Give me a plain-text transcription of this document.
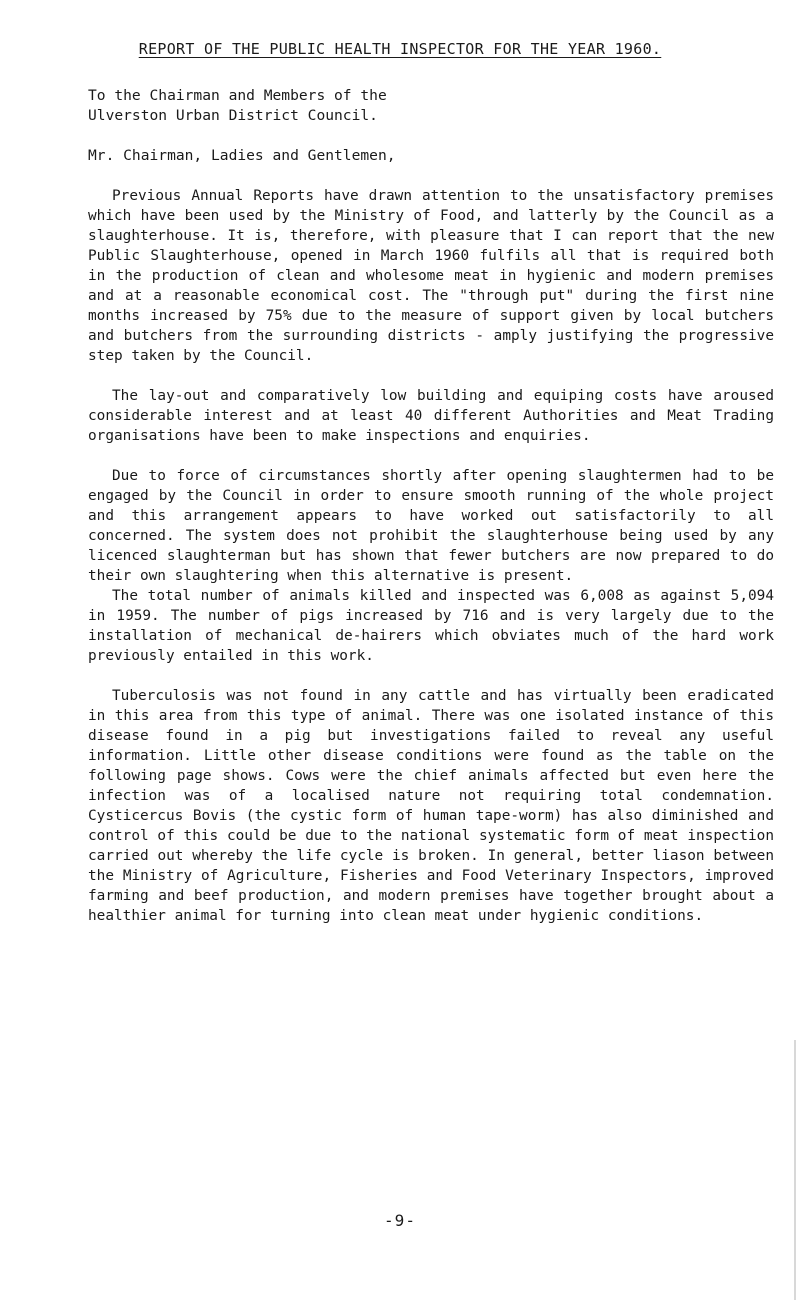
REPORT OF THE PUBLIC HEALTH INSPECTOR FOR THE YEAR 1960.

To the Chairman and Members of the

Ulverston Urban District Council.

Mr. Chairman, Ladies and Gentlemen,

Previous Annual Reports have drawn attention to the unsatisfactory premises which have been used by the Ministry of Food, and latterly by the Council as a slaughterhouse. It is, therefore, with pleasure that I can report that the new Public Slaughterhouse, opened in March 1960 fulfils all that is required both in the production of clean and wholesome meat in hygienic and modern premises and at a reasonable economical cost. The "through put" during the first nine months increased by 75% due to the measure of support given by local butchers and butchers from the surrounding districts - amply justifying the progressive step taken by the Council.

The lay-out and comparatively low building and equiping costs have aroused considerable interest and at least 40 different Authorities and Meat Trading organisations have been to make inspections and enquiries.

Due to force of circumstances shortly after opening slaughtermen had to be engaged by the Council in order to ensure smooth running of the whole project and this arrangement appears to have worked out satisfactorily to all concerned. The system does not prohibit the slaughterhouse being used by any licenced slaughterman but has shown that fewer butchers are now prepared to do their own slaughtering when this alternative is present.

The total number of animals killed and inspected was 6,008 as against 5,094 in 1959. The number of pigs increased by 716 and is very largely due to the installation of mechanical de-hairers which obviates much of the hard work previously entailed in this work.

Tuberculosis was not found in any cattle and has virtually been eradicated in this area from this type of animal. There was one isolated instance of this disease found in a pig but investigations failed to reveal any useful information. Little other disease conditions were found as the table on the following page shows. Cows were the chief animals affected but even here the infection was of a localised nature not requiring total condemnation. Cysticercus Bovis (the cystic form of human tape-worm) has also diminished and control of this could be due to the national systematic form of meat inspection carried out whereby the life cycle is broken. In general, better liason between the Ministry of Agriculture, Fisheries and Food Veterinary Inspectors, improved farming and beef production, and modern premises have together brought about a healthier animal for turning into clean meat under hygienic conditions.

-9-
